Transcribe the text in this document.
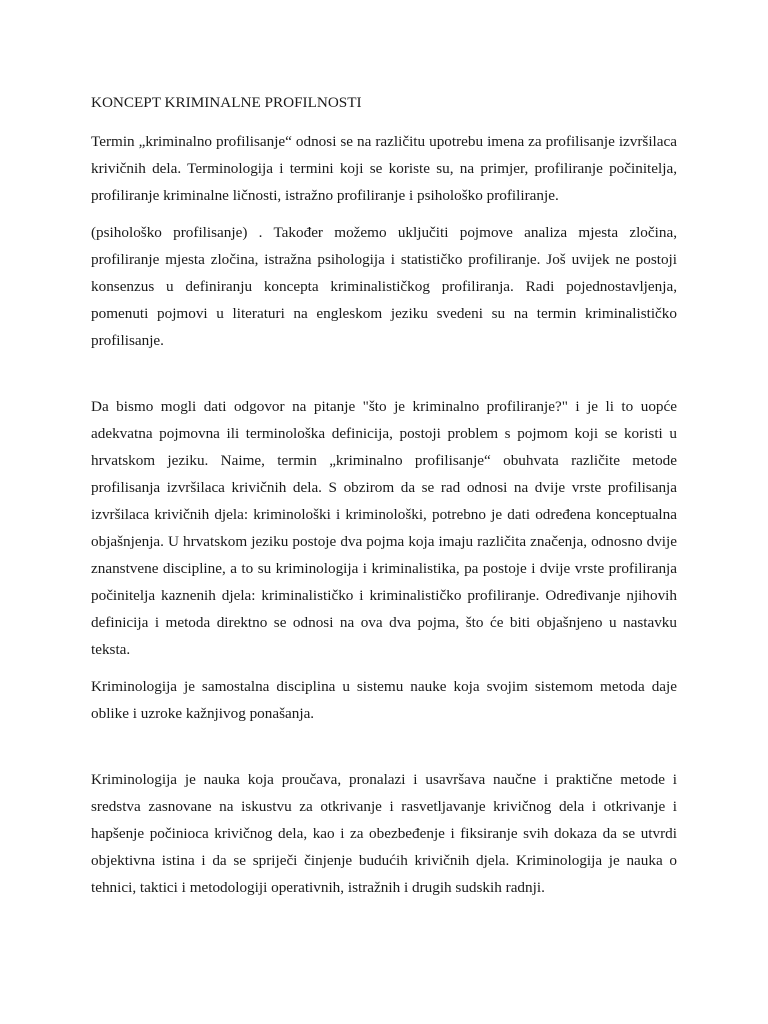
KONCEPT KRIMINALNE PROFILNOSTI

Termin „kriminalno profilisanje“ odnosi se na različitu upotrebu imena za profilisanje izvršilaca krivičnih dela. Terminologija i termini koji se koriste su, na primjer, profiliranje počinitelja, profiliranje kriminalne ličnosti, istražno profiliranje i psihološko profiliranje.

(psihološko profilisanje) . Također možemo uključiti pojmove analiza mjesta zločina, profiliranje mjesta zločina, istražna psihologija i statističko profiliranje. Još uvijek ne postoji konsenzus u definiranju koncepta kriminalističkog profiliranja. Radi pojednostavljenja, pomenuti pojmovi u literaturi na engleskom jeziku svedeni su na termin kriminalističko profilisanje.

Da bismo mogli dati odgovor na pitanje "što je kriminalno profiliranje?" i je li to uopće adekvatna pojmovna ili terminološka definicija, postoji problem s pojmom koji se koristi u hrvatskom jeziku. Naime, termin „kriminalno profilisanje“ obuhvata različite metode profilisanja izvršilaca krivičnih dela. S obzirom da se rad odnosi na dvije vrste profilisanja izvršilaca krivičnih djela: kriminološki i kriminološki, potrebno je dati određena konceptualna objašnjenja. U hrvatskom jeziku postoje dva pojma koja imaju različita značenja, odnosno dvije znanstvene discipline, a to su kriminologija i kriminalistika, pa postoje i dvije vrste profiliranja počinitelja kaznenih djela: kriminalističko i kriminalističko profiliranje. Određivanje njihovih definicija i metoda direktno se odnosi na ova dva pojma, što će biti objašnjeno u nastavku teksta.

Kriminologija je samostalna disciplina u sistemu nauke koja svojim sistemom metoda daje oblike i uzroke kažnjivog ponašanja.

Kriminologija je nauka koja proučava, pronalazi i usavršava naučne i praktične metode i sredstva zasnovane na iskustvu za otkrivanje i rasvetljavanje krivičnog dela i otkrivanje i hapšenje počinioca krivičnog dela, kao i za obezbeđenje i fiksiranje svih dokaza da se utvrdi objektivna istina i da se spriječi činjenje budućih krivičnih djela. Kriminologija je nauka o tehnici, taktici i metodologiji operativnih, istražnih i drugih sudskih radnji.
